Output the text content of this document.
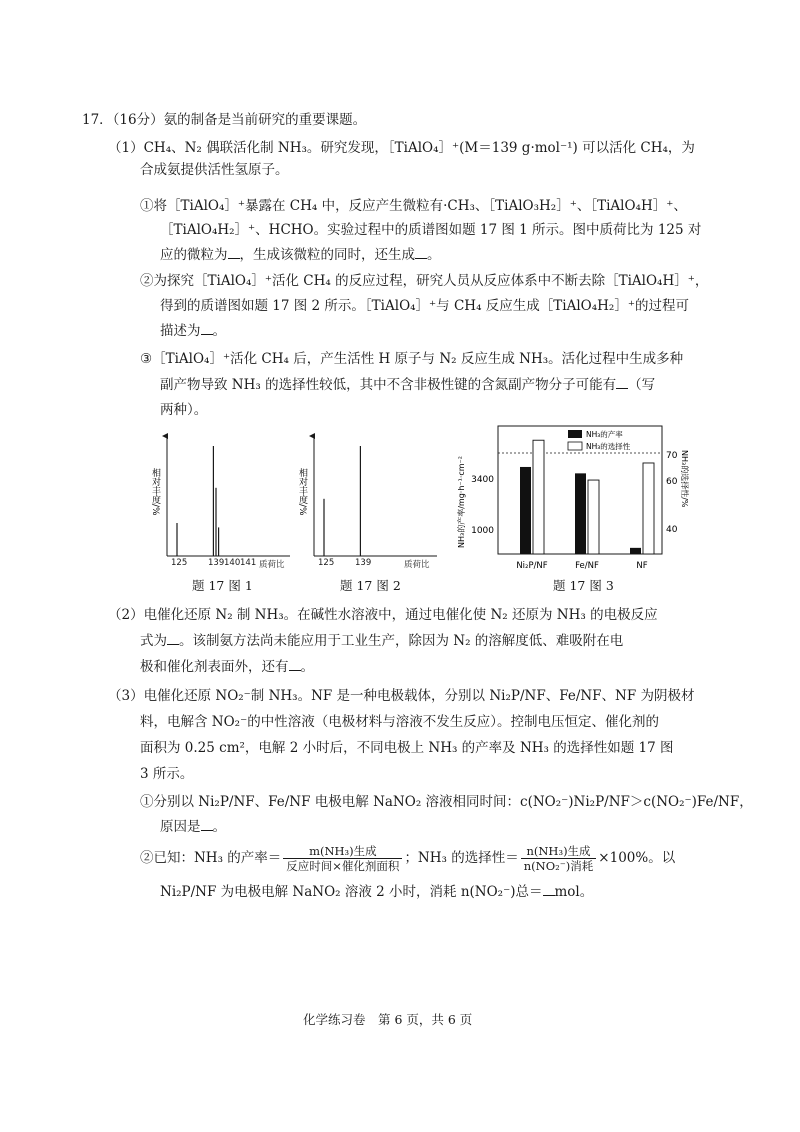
17．（16分）氨的制备是当前研究的重要课题。
（1）CH₄、N₂ 偶联活化制 NH₃。研究发现，［TiAlO₄］⁺(M＝139 g·mol⁻¹) 可以活化 CH₄，为
合成氨提供活性氢原子。
①将［TiAlO₄］⁺暴露在 CH₄ 中，反应产生微粒有·CH₃、［TiAlO₃H₂］⁺、［TiAlO₄H］⁺、
［TiAlO₄H₂］⁺、HCHO。实验过程中的质谱图如题 17 图 1 所示。图中质荷比为 125 对
应的微粒为 ，生成该微粒的同时，还生成 。
②为探究［TiAlO₄］⁺活化 CH₄ 的反应过程，研究人员从反应体系中不断去除［TiAlO₄H］⁺，
得到的质谱图如题 17 图 2 所示。［TiAlO₄］⁺与 CH₄ 反应生成［TiAlO₄H₂］⁺的过程可
描述为 。
③［TiAlO₄］⁺活化 CH₄ 后，产生活性 H 原子与 N₂ 反应生成 NH₃。活化过程中生成多种
副产物导致 NH₃ 的选择性较低，其中不含非极性键的含氮副产物分子可能有 （写
两种）。
相对丰度/%
125 139 140 141 质荷比
题 17 图 1
相对丰度/%
125 139	质荷比
题 17 图 2
NH₃的产率
NH₃的选择性
3400
1000
70
60
40
NH₃的产率/mg·h⁻¹·cm⁻²	NH₃的选择性/%
Ni₂P/NF	Fe/NF	NF
题 17 图 3
（2）电催化还原 N₂ 制 NH₃。在碱性水溶液中，通过电催化使 N₂ 还原为 NH₃ 的电极反应
式为 。该制氨方法尚未能应用于工业生产，除因为 N₂ 的溶解度低、难吸附在电
极和催化剂表面外，还有 。
（3）电催化还原 NO₂⁻制 NH₃。NF 是一种电极载体，分别以 Ni₂P/NF、Fe/NF、NF 为阴极材
料，电解含 NO₂⁻的中性溶液（电极材料与溶液不发生反应）。控制电压恒定、催化剂的
面积为 0.25 cm²，电解 2 小时后，不同电极上 NH₃ 的产率及 NH₃ 的选择性如题 17 图
3 所示。
①分别以 Ni₂P/NF、Fe/NF 电极电解 NaNO₂ 溶液相同时间：c(NO₂⁻)Ni₂P/NF＞c(NO₂⁻)Fe/NF，
原因是 。
②已知：NH₃ 的产率＝ $\frac{\text{m(NH₃)生成}}{\text{反应时间×催化剂面积}}$ ；NH₃ 的选择性＝ $\frac{\text{n(NH₃)生成}}{\text{n(NO₂⁻)消耗}} \times 100\%$。以
Ni₂P/NF 为电极电解 NaNO₂ 溶液 2 小时，消耗 n(NO₂⁻)总＝ mol。
化学练习卷　第 6 页，共 6 页
